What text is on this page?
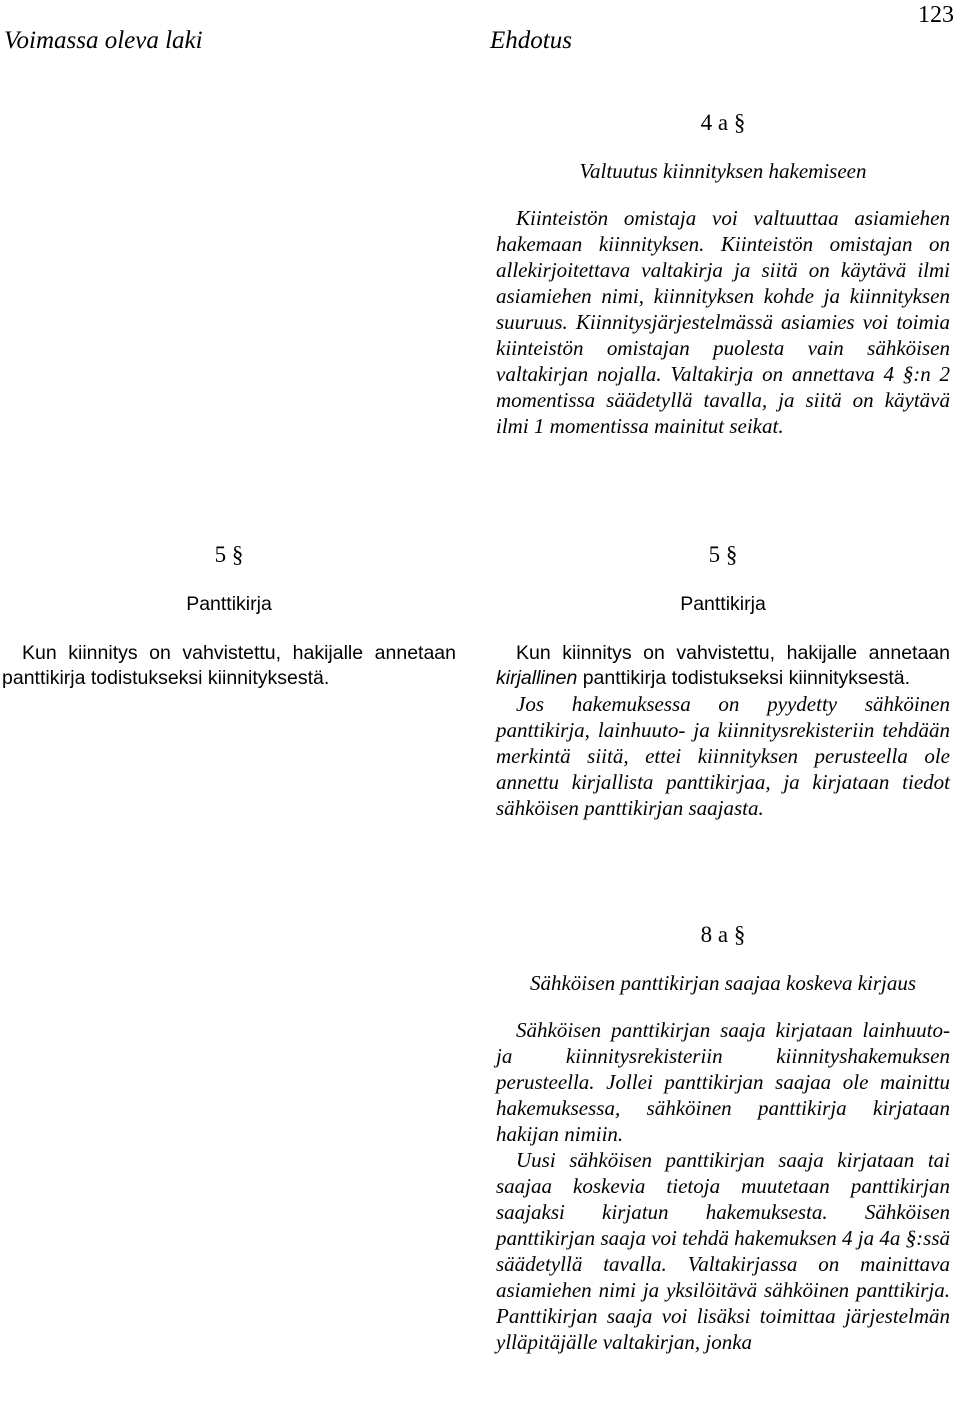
Voimassa oleva laki	Ehdotus
123
4 a §
Valtuutus kiinnityksen hakemiseen

Kiinteistön omistaja voi valtuuttaa asiamiehen hakemaan kiinnityksen. Kiinteistön omistajan on allekirjoitettava valtakirja ja siitä on käytävä ilmi asiamiehen nimi, kiinnityksen kohde ja kiinnityksen suuruus. Kiinnitysjärjestelmässä asiamies voi toimia kiinteistön omistajan puolesta vain sähköisen valtakirjan nojalla. Valtakirja on annettava 4 §:n 2 momentissa säädetyllä tavalla, ja siitä on käytävä ilmi 1 momentissa mainitut seikat.

5 §
Panttikirja

Kun kiinnitys on vahvistettu, hakijalle annetaan panttikirja todistukseksi kiinnityksestä.

5 §
Panttikirja

Kun kiinnitys on vahvistettu, hakijalle annetaan kirjallinen panttikirja todistukseksi kiinnityksestä.

Jos hakemuksessa on pyydetty sähköinen panttikirja, lainhuuto- ja kiinnitysrekisteriin tehdään merkintä siitä, ettei kiinnityksen perusteella ole annettu kirjallista panttikirjaa, ja kirjataan tiedot sähköisen panttikirjan saajasta.

8 a §
Sähköisen panttikirjan saajaa koskeva kirjaus

Sähköisen panttikirjan saaja kirjataan lainhuuto- ja kiinnitysrekisteriin kiinnityshakemuksen perusteella. Jollei panttikirjan saajaa ole mainittu hakemuksessa, sähköinen panttikirja kirjataan hakijan nimiin.

Uusi sähköisen panttikirjan saaja kirjataan tai saajaa koskevia tietoja muutetaan panttikirjan saajaksi kirjatun hakemuksesta. Sähköisen panttikirjan saaja voi tehdä hakemuksen 4 ja 4a §:ssä säädetyllä tavalla. Valtakirjassa on mainittava asiamiehen nimi ja yksilöitävä sähköinen panttikirja. Panttikirjan saaja voi lisäksi toimittaa järjestelmän ylläpitäjälle valtakirjan, jonka
